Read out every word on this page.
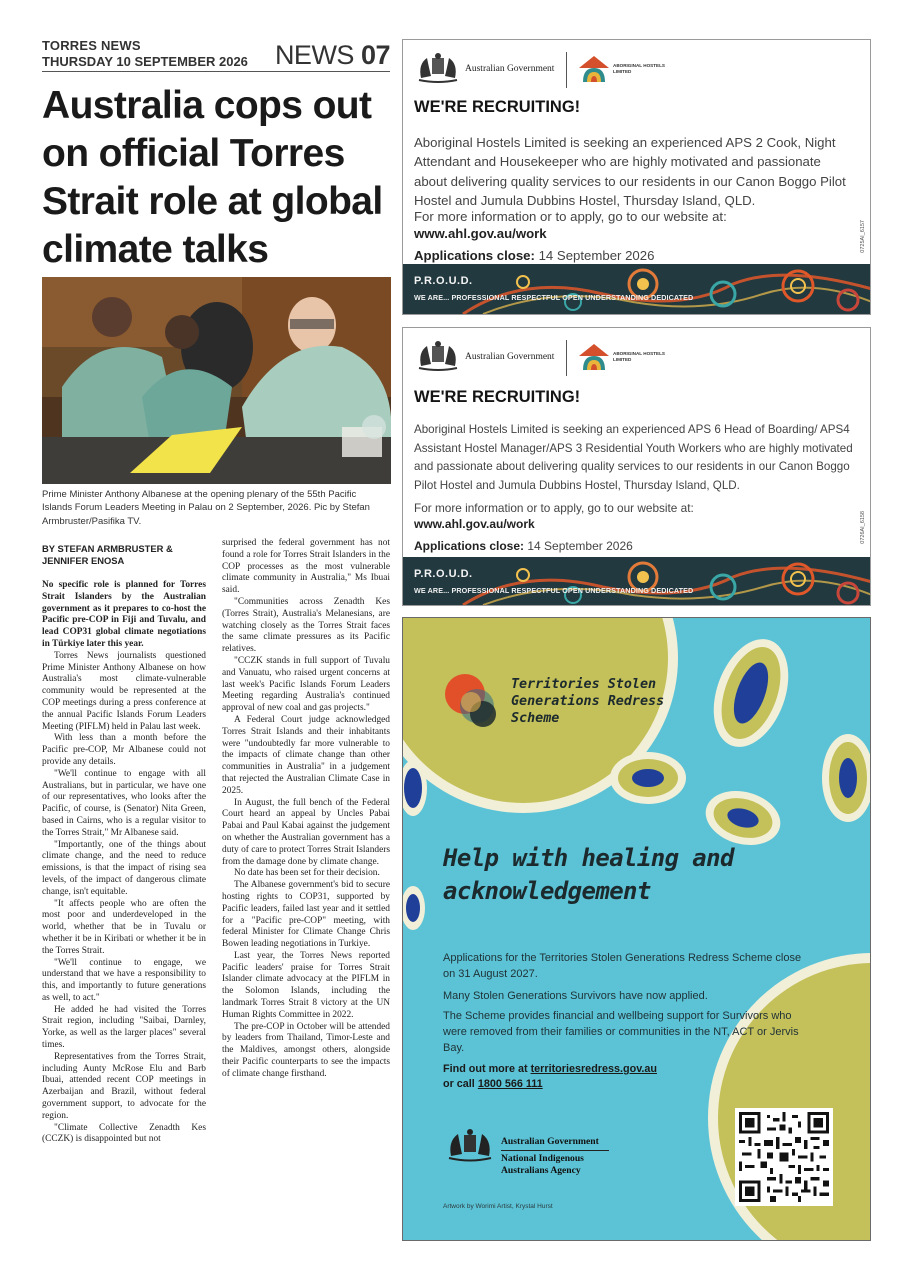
TORRES NEWS
THURSDAY 10 SEPTEMBER 2026 NEWS 07
Australia cops out on official Torres Strait role at global climate talks
Prime Minister Anthony Albanese at the opening plenary of the 55th Pacific Islands Forum Leaders Meeting in Palau on 2 September, 2026. Pic by Stefan Armbruster/Pasifika TV.
BY STEFAN ARMBRUSTER & JENNIFER ENOSA

No specific role is planned for Torres Strait Islanders by the Australian government as it prepares to co-host the Pacific pre-COP in Fiji and Tuvalu, and lead COP31 global climate negotiations in Türkiye later this year.

Torres News journalists questioned Prime Minister Anthony Albanese on how Australia's most climate-vulnerable community would be represented at the COP meetings during a press conference at the annual Pacific Islands Forum Leaders Meeting (PIFLM) held in Palau last week.

With less than a month before the Pacific pre-COP, Mr Albanese could not provide any details.

"We'll continue to engage with all Australians, but in particular, we have one of our representatives, who looks after the Pacific, of course, is (Senator) Nita Green, based in Cairns, who is a regular visitor to the Torres Strait," Mr Albanese said.

"Importantly, one of the things about climate change, and the need to reduce emissions, is that the impact of rising sea levels, of the impact of dangerous climate change, isn't equitable.

"It affects people who are often the most poor and underdeveloped in the world, whether that be in Tuvalu or whether it be in Kiribati or whether it be in the Torres Strait.

"We'll continue to engage, we understand that we have a responsibility to this, and importantly to future generations as well, to act."

He added he had visited the Torres Strait region, including "Saibai, Darnley, Yorke, as well as the larger places" several times.

Representatives from the Torres Strait, including Aunty McRose Elu and Barb Ibuai, attended recent COP meetings in Azerbaijan and Brazil, without federal government support, to advocate for the region.

"Climate Collective Zenadth Kes (CCZK) is disappointed but not

surprised the federal government has not found a role for Torres Strait Islanders in the COP processes as the most vulnerable climate community in Australia," Ms Ibuai said.

"Communities across Zenadth Kes (Torres Strait), Australia's Melanesians, are watching closely as the Torres Strait faces the same climate pressures as its Pacific relatives.

"CCZK stands in full support of Tuvalu and Vanuatu, who raised urgent concerns at last week's Pacific Islands Forum Leaders Meeting regarding Australia's continued approval of new coal and gas projects."

A Federal Court judge acknowledged Torres Strait Islands and their inhabitants were "undoubtedly far more vulnerable to the impacts of climate change than other communities in Australia" in a judgement that rejected the Australian Climate Case in 2025.

In August, the full bench of the Federal Court heard an appeal by Uncles Pabai Pabai and Paul Kabai against the judgement on whether the Australian government has a duty of care to protect Torres Strait Islanders from the damage done by climate change.

No date has been set for their decision.

The Albanese government's bid to secure hosting rights to COP31, supported by Pacific leaders, failed last year and it settled for a "Pacific pre-COP" meeting, with federal Minister for Climate Change Chris Bowen leading negotiations in Turkiye.

Last year, the Torres News reported Pacific leaders' praise for Torres Strait Islander climate advocacy at the PIFLM in the Solomon Islands, including the landmark Torres Strait 8 victory at the UN Human Rights Committee in 2022.

The pre-COP in October will be attended by leaders from Thailand, Timor-Leste and the Maldives, amongst others, alongside their Pacific counterparts to see the impacts of climate change firsthand.

Australian Government	ABORIGINAL HOSTELS LIMITED
WE'RE RECRUITING!
Aboriginal Hostels Limited is seeking an experienced APS 2 Cook, Night Attendant and Housekeeper who are highly motivated and passionate about delivering quality services to our residents in our Canon Boggo Pilot Hostel and Jumula Dubbins Hostel, Thursday Island, QLD.
For more information or to apply, go to our website at:
www.ahl.gov.au/work
Applications close: 14 September 2026
0725AI_6157
P.R.O.U.D.
WE ARE... PROFESSIONAL RESPECTFUL OPEN UNDERSTANDING DEDICATED
Australian Government	ABORIGINAL HOSTELS LIMITED
WE'RE RECRUITING!
Aboriginal Hostels Limited is seeking an experienced APS 6 Head of Boarding/ APS4 Assistant Hostel Manager/APS 3 Residential Youth Workers who are highly motivated and passionate about delivering quality services to our residents in our Canon Boggo Pilot Hostel and Jumula Dubbins Hostel, Thursday Island, QLD.
For more information or to apply, go to our website at:
www.ahl.gov.au/work
Applications close: 14 September 2026
0726AI_6158
P.R.O.U.D.
WE ARE... PROFESSIONAL RESPECTFUL OPEN UNDERSTANDING DEDICATED
Territories Stolen Generations Redress Scheme
Help with healing and acknowledgement
Applications for the Territories Stolen Generations Redress Scheme close on 31 August 2027.
Many Stolen Generations Survivors have now applied.
The Scheme provides financial and wellbeing support for Survivors who were removed from their families or communities in the NT, ACT or Jervis Bay.
Find out more at territoriesredress.gov.au
or call 1800 566 111
Australian Government
National Indigenous Australians Agency
Artwork by Worimi Artist, Krystal Hurst
